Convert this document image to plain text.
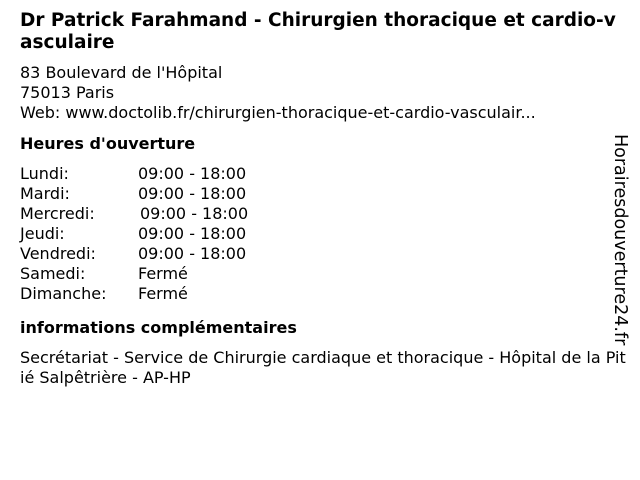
Dr Patrick Farahmand - Chirurgien thoracique et cardio-vasculaire
83 Boulevard de l'Hôpital
75013 Paris
Web: www.doctolib.fr/chirurgien-thoracique-et-cardio-vasculair...
Heures d'ouverture
Lundi:	09:00 - 18:00
Mardi:	09:00 - 18:00
Mercredi:	09:00 - 18:00
Jeudi:	09:00 - 18:00
Vendredi:	09:00 - 18:00
Samedi:	Fermé
Dimanche:	Fermé
informations complémentaires
Secrétariat - Service de Chirurgie cardiaque et thoracique - Hôpital de la Pitié Salpêtrière - AP-HP
Horairesdouverture24.fr
